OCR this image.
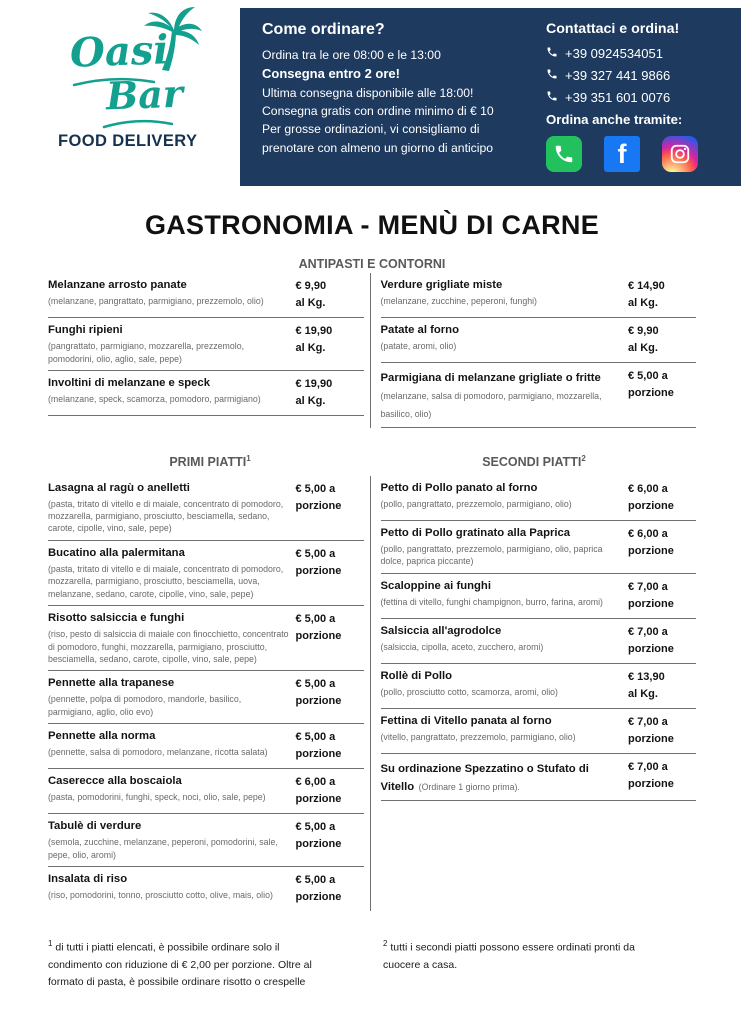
Oasi
Bar
FOOD DELIVERY
Come ordinare?
Ordina tra le ore 08:00 e le 13:00
Consegna entro 2 ore!
Ultima consegna disponibile alle 18:00!
Consegna gratis con ordine minimo di € 10
Per grosse ordinazioni, vi consigliamo di prenotare con almeno un giorno di anticipo
Contattaci e ordina!
+39 0924534051
+39 327 441 9866
+39 351 601 0076
Ordina anche tramite:
f
GASTRONOMIA - MENÙ DI CARNE
ANTIPASTI E CONTORNI
Melanzane arrosto panate
(melanzane, pangrattato, parmigiano, prezzemolo, olio)
€ 9,90
al Kg.
Funghi ripieni
(pangrattato, parmigiano, mozzarella, prezzemolo, pomodorini, olio, aglio, sale, pepe)
€ 19,90
al Kg.
Involtini di melanzane e speck
(melanzane, speck, scamorza, pomodoro, parmigiano)
€ 19,90
al Kg.
Verdure grigliate miste
(melanzane, zucchine, peperoni, funghi)
€ 14,90
al Kg.
Patate al forno
(patate, aromi, olio)
€ 9,90
al Kg.
Parmigiana di melanzane grigliate o fritte (melanzane, salsa di pomodoro, parmigiano, mozzarella, basilico, olio)
€ 5,00 a
porzione
PRIMI PIATTI$^1$	SECONDI PIATTI$^2$
Lasagna al ragù o anelletti
(pasta, tritato di vitello e di maiale, concentrato di pomodoro, mozzarella, parmigiano, prosciutto, besciamella, sedano, carote, cipolle, vino, sale, pepe)
€ 5,00 a
porzione
Bucatino alla palermitana
(pasta, tritato di vitello e di maiale, concentrato di pomodoro, mozzarella, parmigiano, prosciutto, besciamella, uova, melanzane, sedano, carote, cipolle, vino, sale, pepe)
€ 5,00 a
porzione
Risotto salsiccia e funghi
(riso, pesto di salsiccia di maiale con finocchietto, concentrato di pomodoro, funghi, mozzarella, parmigiano, prosciutto, besciamella, sedano, carote, cipolle, vino, sale, pepe)
€ 5,00 a
porzione
Pennette alla trapanese
(pennette, polpa di pomodoro, mandorle, basilico, parmigiano, aglio, olio evo)
€ 5,00 a
porzione
Pennette alla norma
(pennette, salsa di pomodoro, melanzane, ricotta salata)
€ 5,00 a
porzione
Caserecce alla boscaiola
(pasta, pomodorini, funghi, speck, noci, olio, sale, pepe)
€ 6,00 a
porzione
Tabulè di verdure
(semola, zucchine, melanzane, peperoni, pomodorini, sale, pepe, olio, aromi)
€ 5,00 a
porzione
Insalata di riso
(riso, pomodorini, tonno, prosciutto cotto, olive, mais, olio)
€ 5,00 a
porzione
Petto di Pollo panato al forno
(pollo, pangrattato, prezzemolo, parmigiano, olio)
€ 6,00 a
porzione
Petto di Pollo gratinato alla Paprica
(pollo, pangrattato, prezzemolo, parmigiano, olio, paprica dolce, paprica piccante)
€ 6,00 a
porzione
Scaloppine ai funghi
(fettina di vitello, funghi champignon, burro, farina, aromi)
€ 7,00 a
porzione
Salsiccia all'agrodolce
(salsiccia, cipolla, aceto, zucchero, aromi)
€ 7,00 a
porzione
Rollè di Pollo
(pollo, prosciutto cotto, scamorza, aromi, olio)
€ 13,90
al Kg.
Fettina di Vitello panata al forno
(vitello, pangrattato, prezzemolo, parmigiano, olio)
€ 7,00 a
porzione
Su ordinazione Spezzatino o Stufato di Vitello (Ordinare 1 giorno prima).
€ 7,00 a
porzione
$^1$ di tutti i piatti elencati, è possibile ordinare solo il condimento con riduzione di € 2,00 per porzione. Oltre al formato di pasta, è possibile ordinare risotto o crespelle
$^2$ tutti i secondi piatti possono essere ordinati pronti da cuocere a casa.
